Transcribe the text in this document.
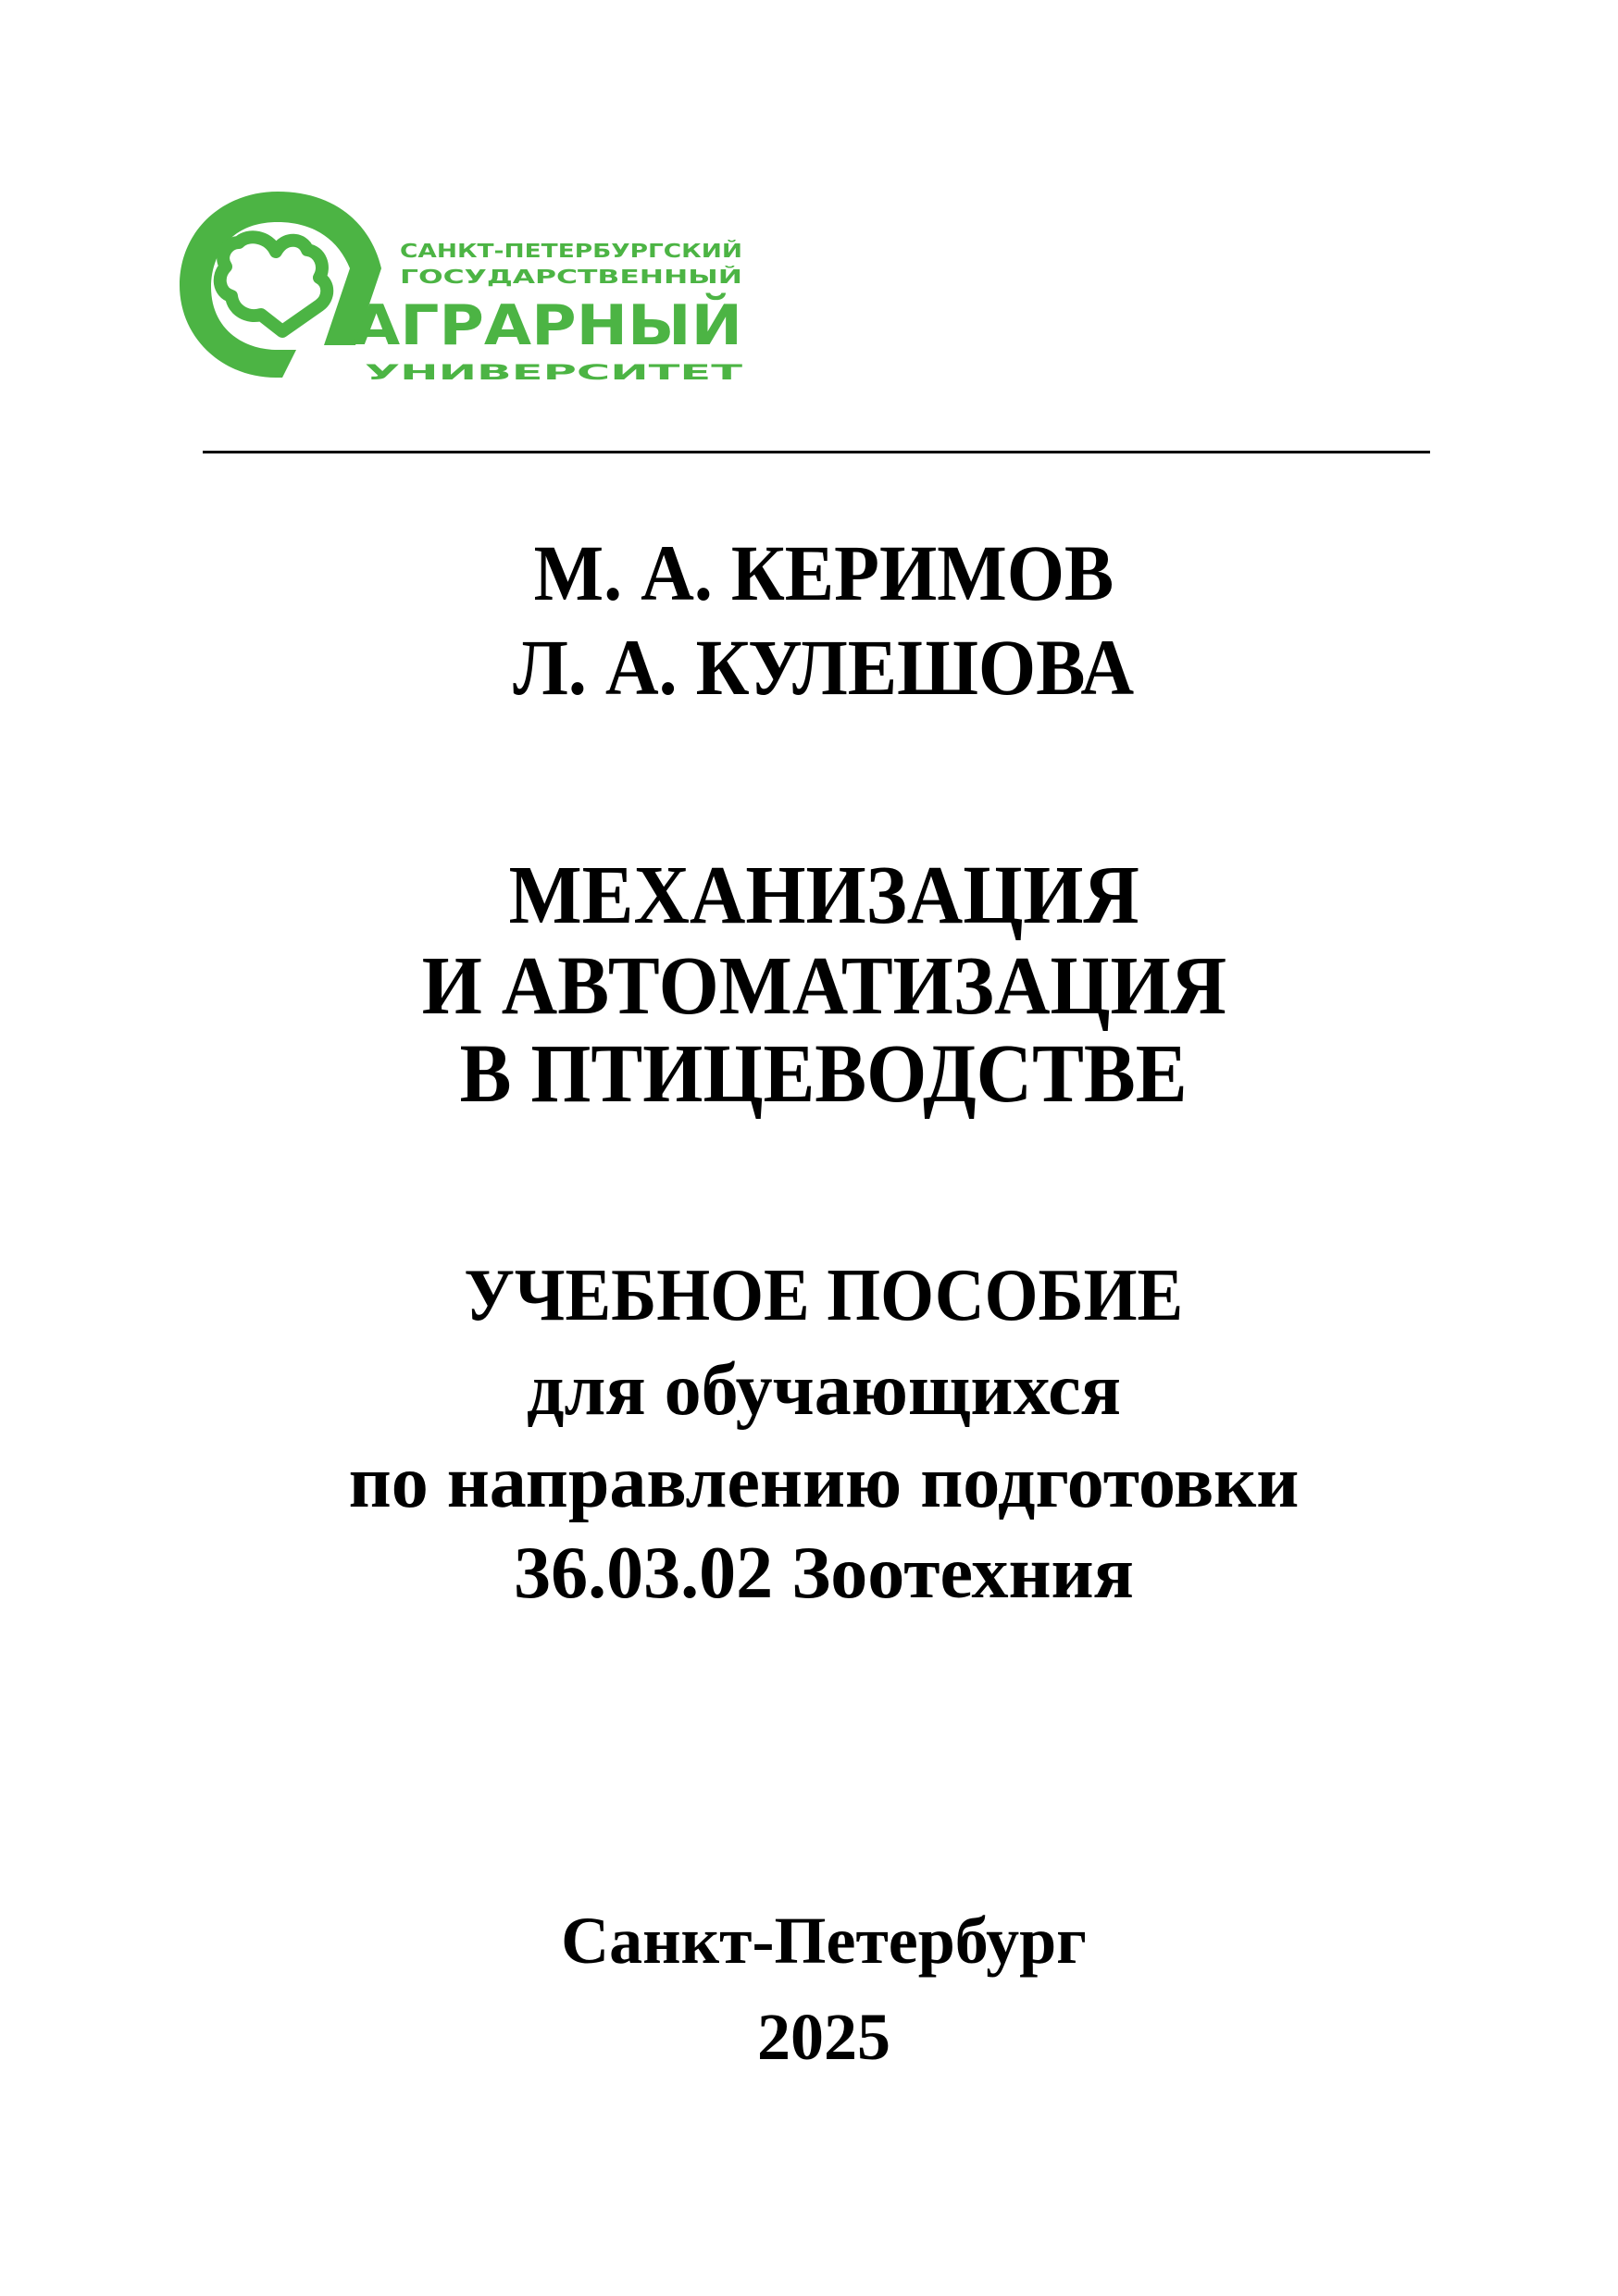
САНКТ-ПЕТЕРБУРГСКИЙ
ГОСУДАРСТВЕННЫЙ
АГРАРНЫЙ
УНИВЕРСИТЕТ
М. А. КЕРИМОВ
Л. А. КУЛЕШОВА
МЕХАНИЗАЦИЯ
И АВТОМАТИЗАЦИЯ
В ПТИЦЕВОДСТВЕ
УЧЕБНОЕ ПОСОБИЕ
для обучающихся
по направлению подготовки
36.03.02 Зоотехния
Санкт-Петербург
2025
